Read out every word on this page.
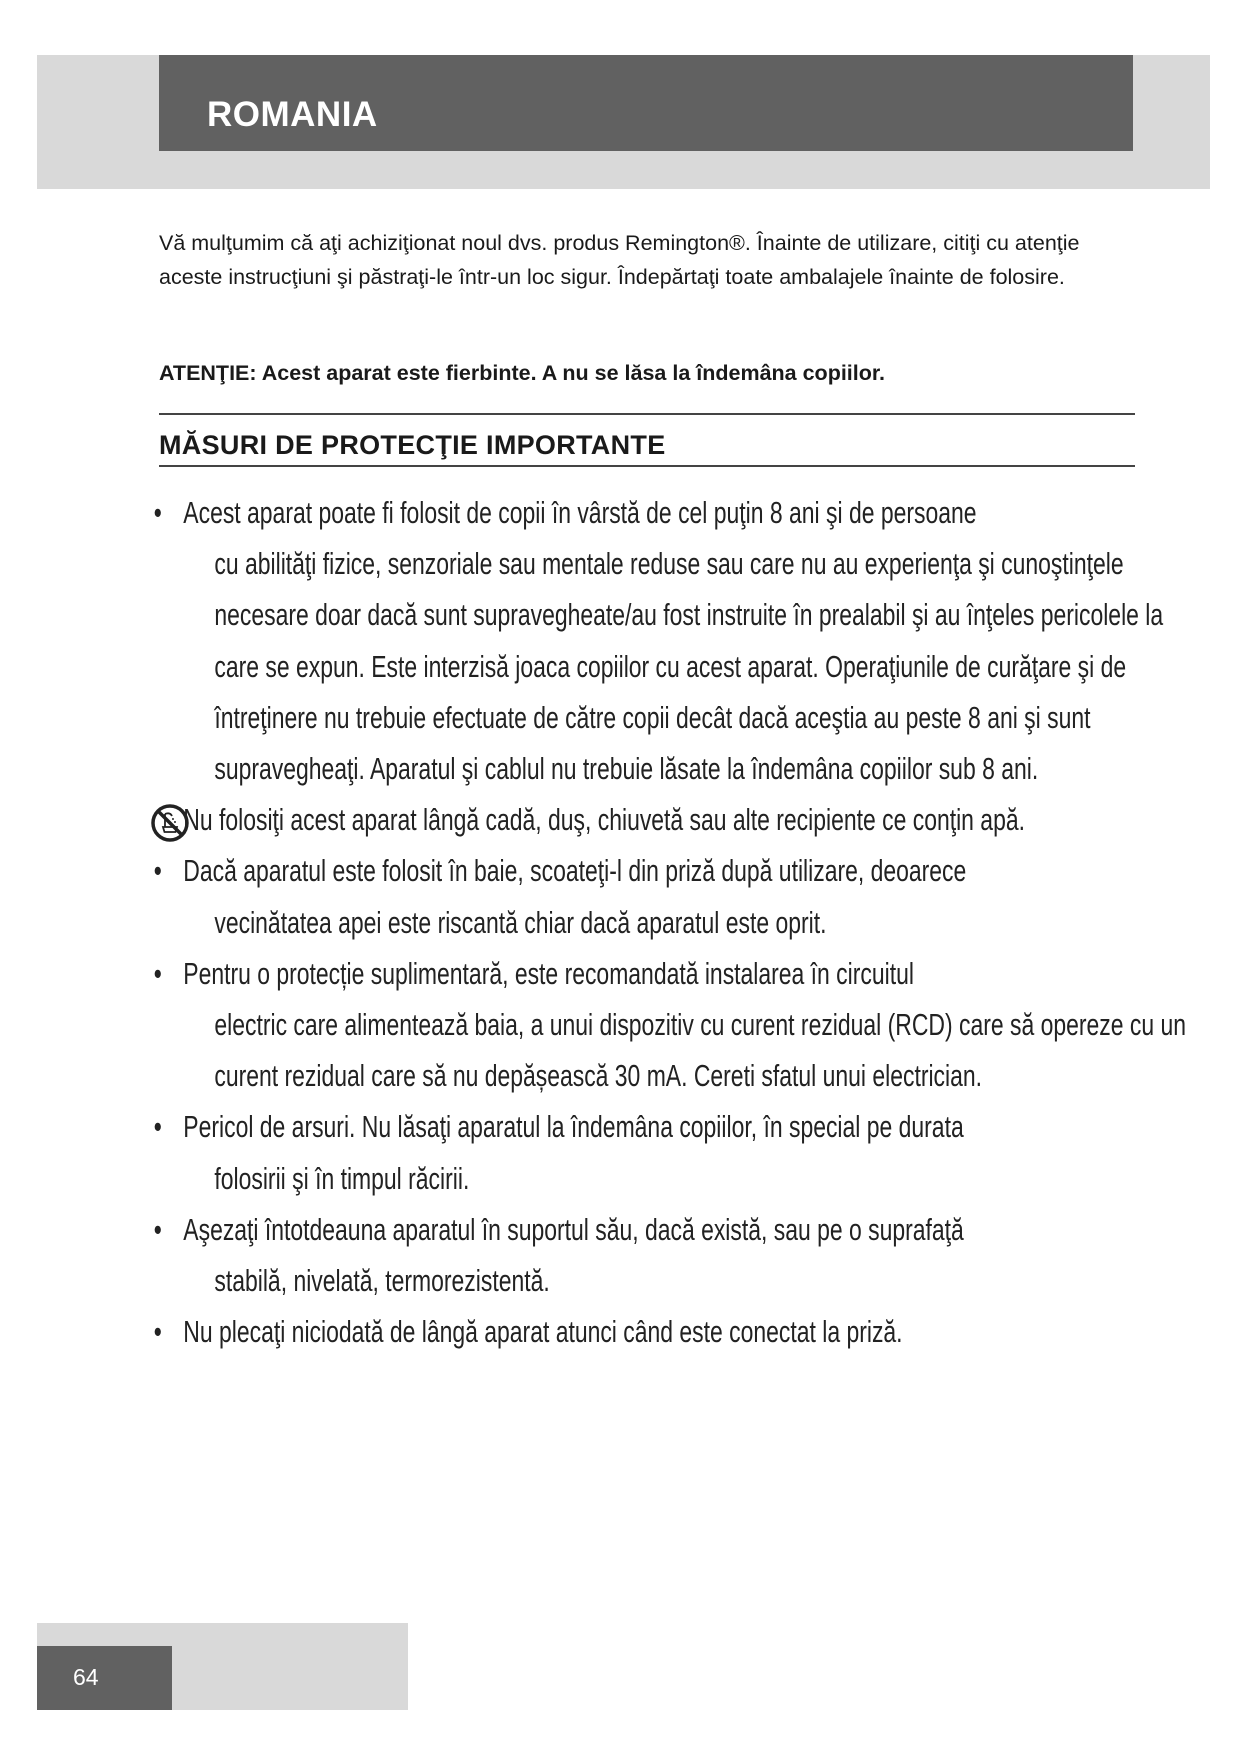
ROMANIA

Vă mulţumim că aţi achiziţionat noul dvs. produs Remington®. Înainte de utilizare, citiţi cu atenţie aceste instrucţiuni şi păstraţi-le într-un loc sigur. Îndepărtaţi toate ambalajele înainte de folosire.

ATENŢIE: Acest aparat este fierbinte. A nu se lăsa la îndemâna copiilor.

MĂSURI DE PROTECŢIE IMPORTANTE
• Acest aparat poate fi folosit de copii în vârstă de cel puţin 8 ani şi de persoane
cu abilităţi fizice, senzoriale sau mentale reduse sau care nu au experienţa şi cunoştinţele necesare doar dacă sunt supravegheate/au fost instruite în prealabil şi au înţeles pericolele la care se expun. Este interzisă joaca copiilor cu acest aparat. Operaţiunile de curăţare şi de întreţinere nu trebuie efectuate de către copii decât dacă aceştia au peste 8 ani şi sunt supravegheaţi. Aparatul şi cablul nu trebuie lăsate la îndemâna copiilor sub 8 ani.
Nu folosiţi acest aparat lângă cadă, duş, chiuvetă sau alte recipiente ce conţin apă.
• Dacă aparatul este folosit în baie, scoateţi-l din priză după utilizare, deoarece
vecinătatea apei este riscantă chiar dacă aparatul este oprit.
• Pentru o protecție suplimentară, este recomandată instalarea în circuitul
electric care alimentează baia, a unui dispozitiv cu curent rezidual (RCD) care să opereze cu un curent rezidual care să nu depășească 30 mA. Cereti sfatul unui electrician.
• Pericol de arsuri. Nu lăsaţi aparatul la îndemâna copiilor, în special pe durata
folosirii şi în timpul răcirii.
• Aşezaţi întotdeauna aparatul în suportul său, dacă există, sau pe o suprafaţă
stabilă, nivelată, termorezistentă.
• Nu plecaţi niciodată de lângă aparat atunci când este conectat la priză.
64
